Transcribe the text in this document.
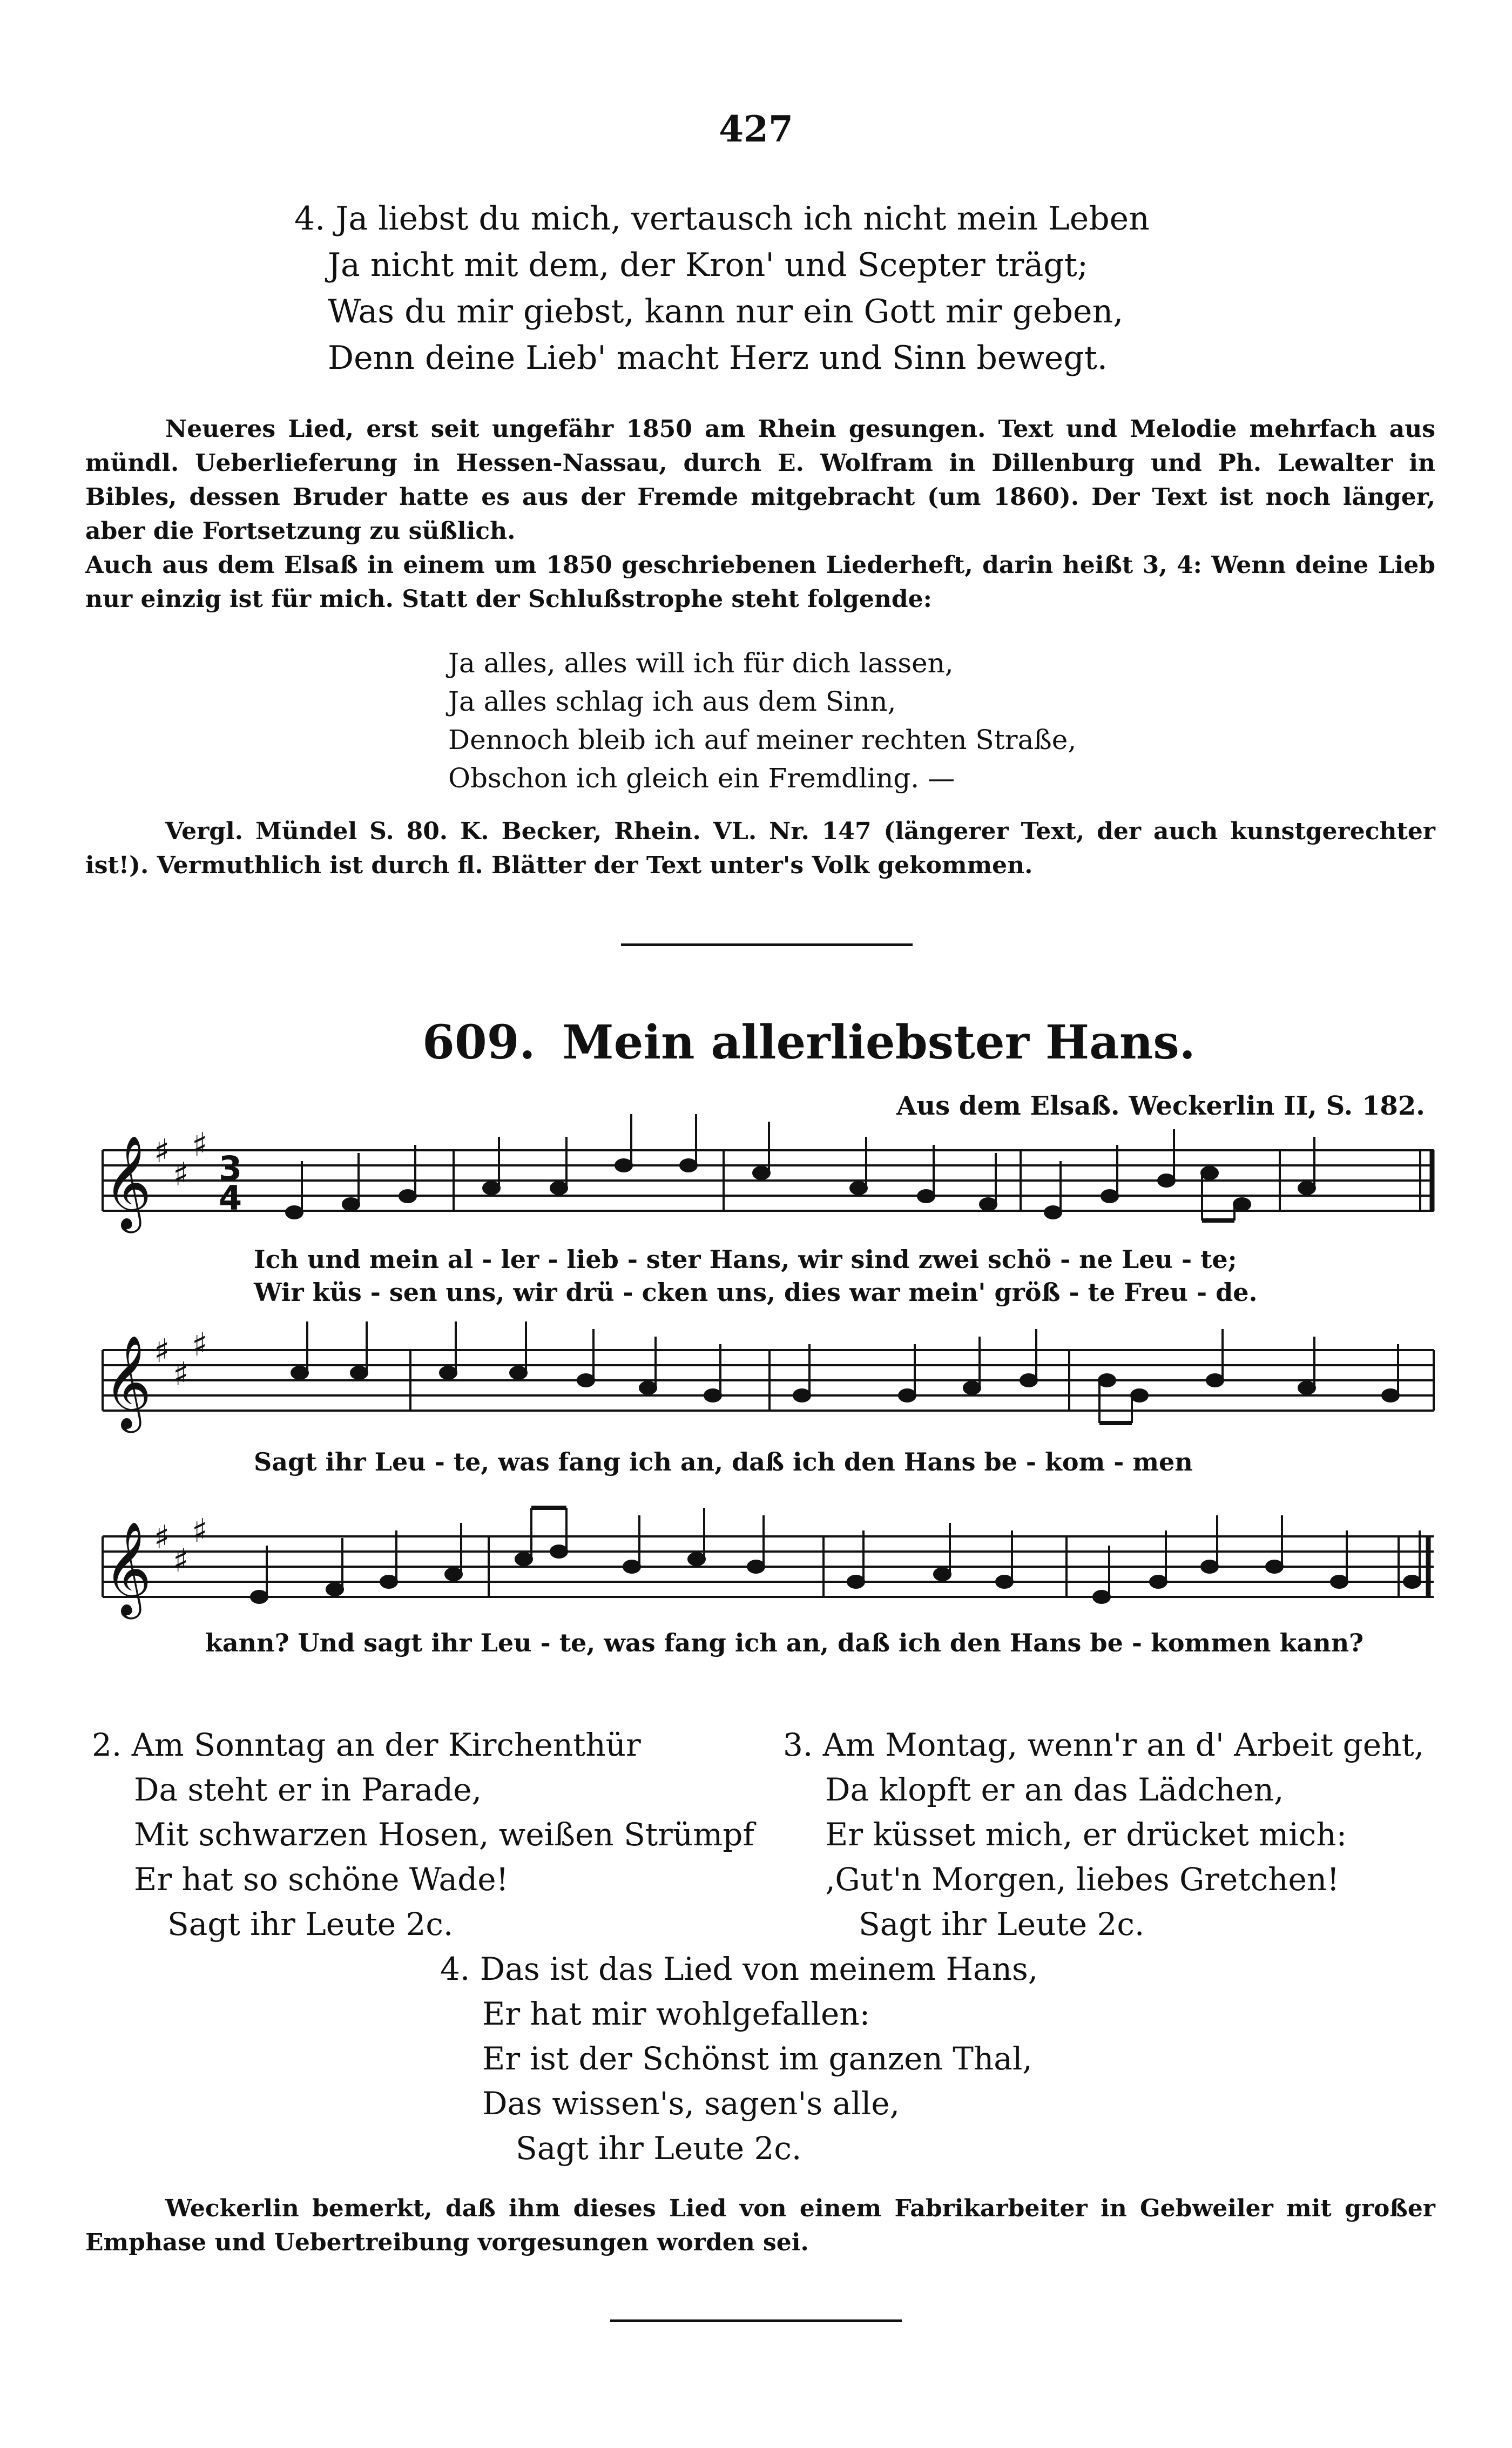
427
4. Ja liebst du mich, vertausch ich nicht mein Leben
Ja nicht mit dem, der Kron' und Scepter trägt;
Was du mir giebst, kann nur ein Gott mir geben,
Denn deine Lieb' macht Herz und Sinn bewegt.

Neueres Lied, erst seit ungefähr 1850 am Rhein gesungen. Text und Melodie mehrfach aus mündl. Ueberlieferung in Hessen-Nassau, durch E. Wolfram in Dillenburg und Ph. Lewalter in Bibles, dessen Bruder hatte es aus der Fremde mitgebracht (um 1860). Der Text ist noch länger, aber die Fortsetzung zu süßlich.

Auch aus dem Elsaß in einem um 1850 geschriebenen Liederheft, darin heißt 3, 4: Wenn deine Lieb nur einzig ist für mich. Statt der Schlußstrophe steht folgende:

Ja alles, alles will ich für dich lassen,
Ja alles schlag ich aus dem Sinn,
Dennoch bleib ich auf meiner rechten Straße,
Obschon ich gleich ein Fremdling. —

Vergl. Mündel S. 80. K. Becker, Rhein. VL. Nr. 147 (längerer Text, der auch kunstgerechter ist!). Vermuthlich ist durch fl. Blätter der Text unter's Volk gekommen.

609. Mein allerliebster Hans.
Aus dem Elsaß. Weckerlin II, S. 182.
𝄞
𝄞
𝄞
♯
♯
♯
♯
♯
♯
♯
♯
♯
3
4
Ich und mein al - ler - lieb - ster Hans, wir sind zwei schö - ne Leu - te;
Wir küs - sen uns, wir drü - cken uns, dies war mein' größ - te Freu - de.
Sagt ihr Leu - te, was fang ich an, daß ich den Hans be - kom - men
kann? Und sagt ihr Leu - te, was fang ich an, daß ich den Hans be - kommen kann?
2. Am Sonntag an der Kirchenthür
Da steht er in Parade,
Mit schwarzen Hosen, weißen Strümpf
Er hat so schöne Wade!
Sagt ihr Leute 2c.
3. Am Montag, wenn'r an d' Arbeit geht,
Da klopft er an das Lädchen,
Er küsset mich, er drücket mich:
‚Gut'n Morgen, liebes Gretchen!
Sagt ihr Leute 2c.
4. Das ist das Lied von meinem Hans,
Er hat mir wohlgefallen:
Er ist der Schönst im ganzen Thal,
Das wissen's, sagen's alle,
Sagt ihr Leute 2c.

Weckerlin bemerkt, daß ihm dieses Lied von einem Fabrikarbeiter in Gebweiler mit großer Emphase und Uebertreibung vorgesungen worden sei.
